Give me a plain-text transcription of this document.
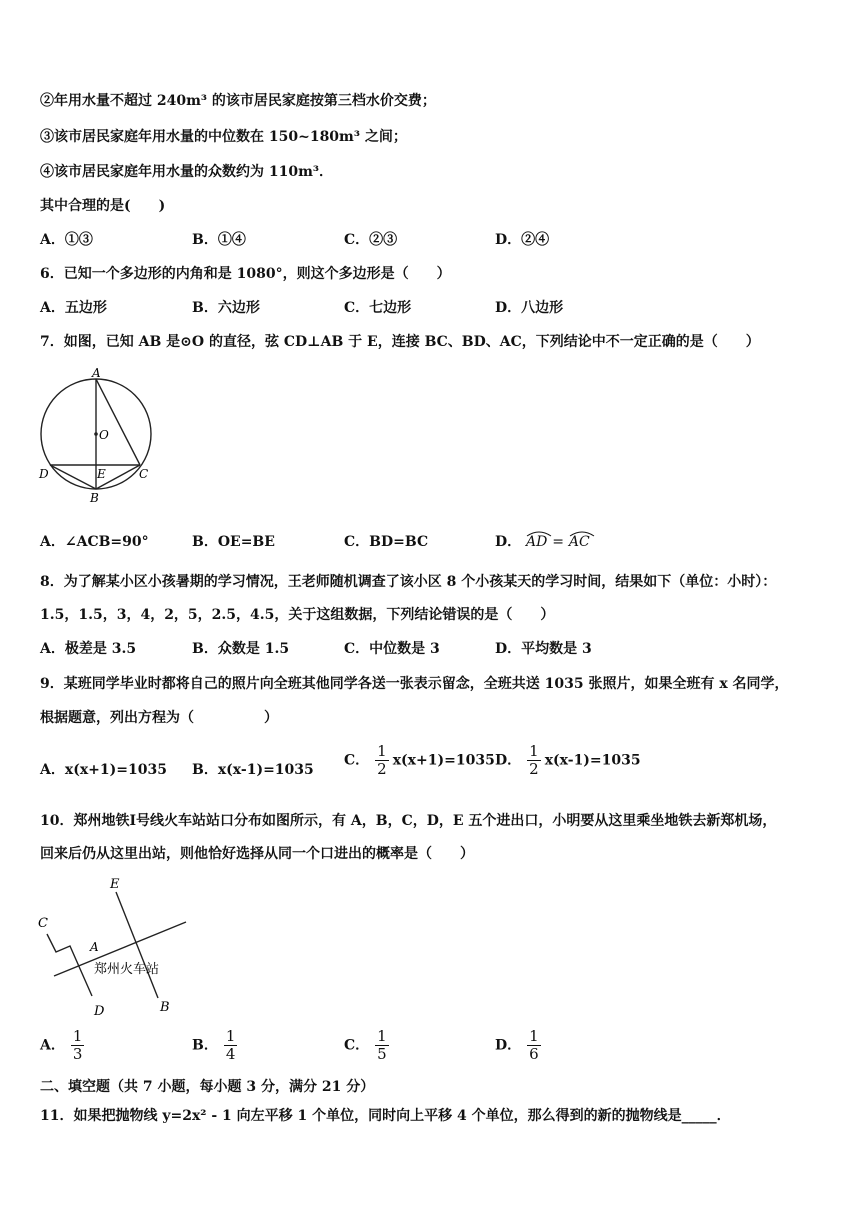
②年用水量不超过 240m³ 的该市居民家庭按第三档水价交费；
③该市居民家庭年用水量的中位数在 150~180m³ 之间；
④该市居民家庭年用水量的众数约为 110m³．
其中合理的是(　　)
A．①③	B．①④	C．②③	D．②④
6．已知一个多边形的内角和是 1080°，则这个多边形是（　　）
A．五边形	B．六边形	C．七边形	D．八边形
7．如图，已知 AB 是⊙O 的直径，弦 CD⊥AB 于 E，连接 BC、BD、AC，下列结论中不一定正确的是（　　）
A
O
D	E	C
B
A．∠ACB=90°	B．OE=BE	C．BD=BC	D． AD = AC
8．为了解某小区小孩暑期的学习情况，王老师随机调查了该小区 8 个小孩某天的学习时间，结果如下（单位：小时）：
1.5，1.5，3，4，2，5，2.5，4.5，关于这组数据，下列结论错误的是（　　）
A．极差是 3.5	B．众数是 1.5	C．中位数是 3	D．平均数是 3
9．某班同学毕业时都将自己的照片向全班其他同学各送一张表示留念，全班共送 1035 张照片，如果全班有 x 名同学，
根据题意，列出方程为（　　　　　）
A．x(x+1)=1035 B．x(x-1)=1035
C． $\frac{1}{2} x(x+1)=1035$ D． $\frac{1}{2} x(x-1)=1035$
10．郑州地铁Ⅰ号线火车站站口分布如图所示，有 A，B，C，D，E 五个进出口，小明要从这里乘坐地铁去新郑机场，
回来后仍从这里出站，则他恰好选择从同一个口进出的概率是（　　）
E
C
A
郑州火车站
D	B
A． $\frac{1}{3}$	B． $\frac{1}{4}$	C． $\frac{1}{5}$	D． $\frac{1}{6}$
二、填空题（共 7 小题，每小题 3 分，满分 21 分）
11．如果把抛物线 y=2x² - 1 向左平移 1 个单位，同时向上平移 4 个单位，那么得到的新的抛物线是_____．
